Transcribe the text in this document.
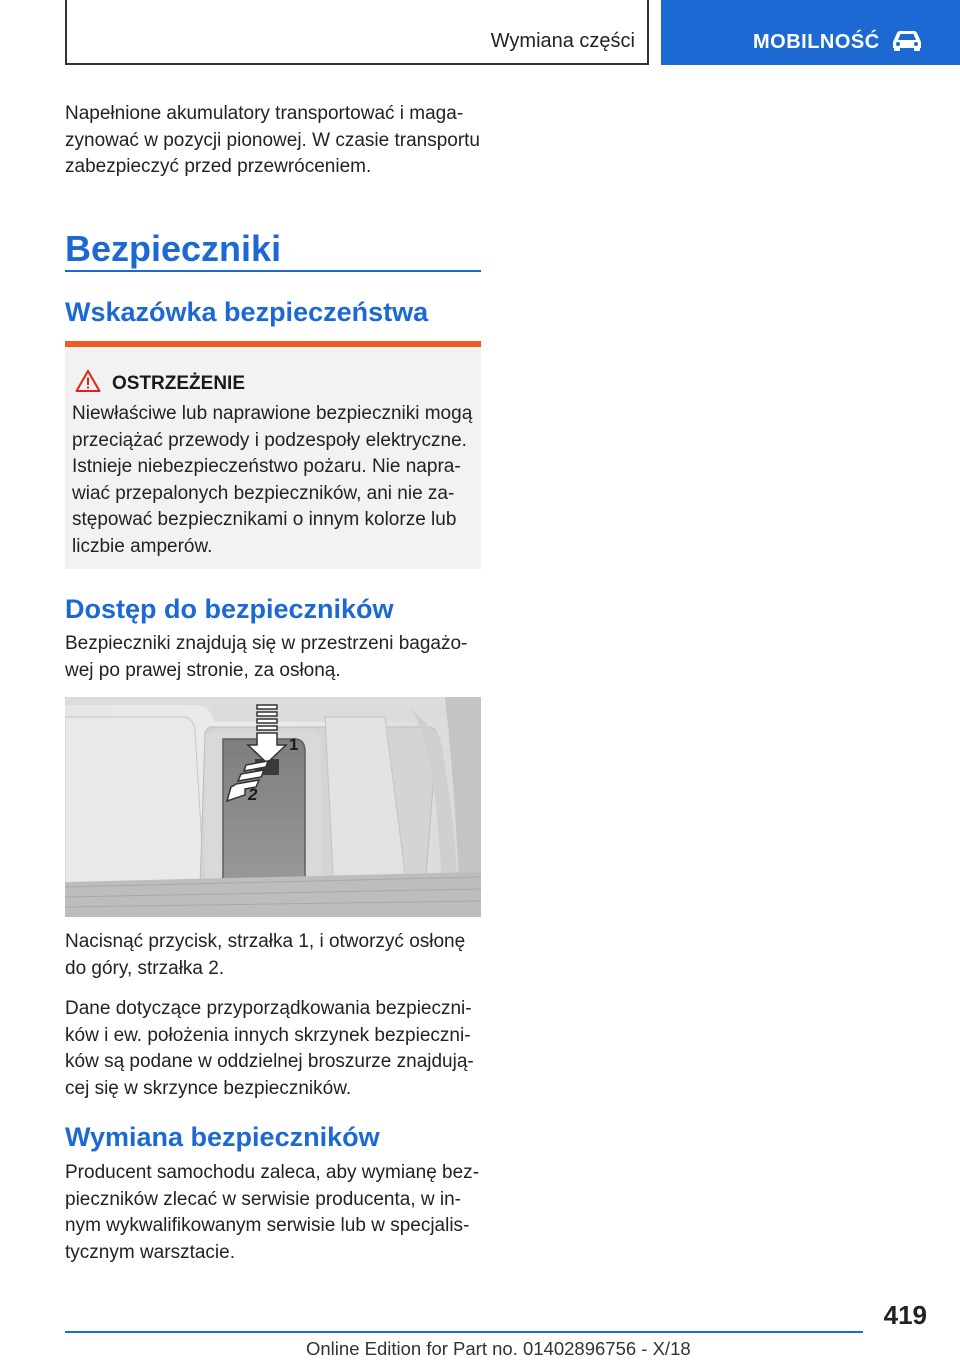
Wymiana części	MOBILNOŚĆ

Napełnione akumulatory transportować i magazynować w pozycji pionowej. W czasie transportu zabezpieczyć przed przewróceniem.

Bezpieczniki
Wskazówka bezpieczeństwa
OSTRZEŻENIE

Niewłaściwe lub naprawione bezpieczniki mogą przeciążać przewody i podzespoły elektryczne. Istnieje niebezpieczeństwo pożaru. Nie naprawiać przepalonych bezpieczników, ani nie zastępować bezpiecznikami o innym kolorze lub liczbie amperów.

Dostęp do bezpieczników

Bezpieczniki znajdują się w przestrzeni bagażowej po prawej stronie, za osłoną.

1
2

Nacisnąć przycisk, strzałka 1, i otworzyć osłonę do góry, strzałka 2.

Dane dotyczące przyporządkowania bezpieczników i ew. położenia innych skrzynek bezpieczników są podane w oddzielnej broszurze znajdującej się w skrzynce bezpieczników.

Wymiana bezpieczników

Producent samochodu zaleca, aby wymianę bezpieczników zlecać w serwisie producenta, w innym wykwalifikowanym serwisie lub w specjalistycznym warsztacie.

419
Online Edition for Part no. 01402896756 - X/18
